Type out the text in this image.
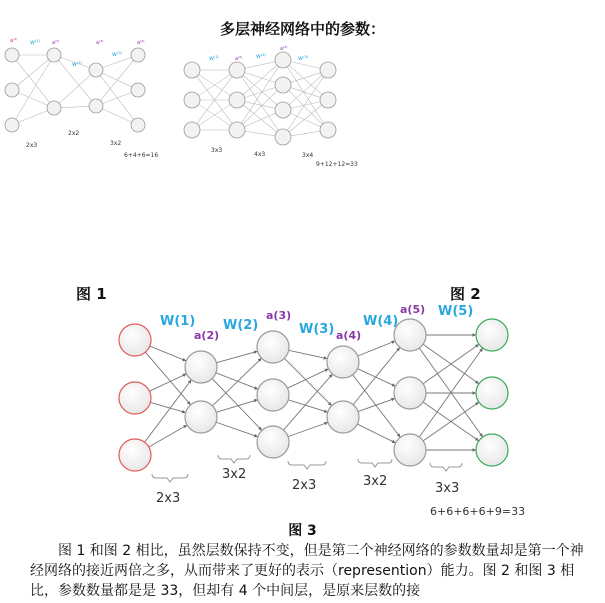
多层神经网络中的参数：
a⁽¹⁾ w⁽¹⁾ a⁽²⁾
w⁽²⁾
a⁽³⁾
w⁽³⁾
a⁽⁴⁾
2x3
2x2
3x2
6+4+6=16
w⁽¹⁾	a⁽²⁾ w⁽²⁾
a⁽³⁾
w⁽³⁾
3x3
4x3	3x4
9+12+12=33
图 1	图 2
W(1)
a(2)
W(2)
a(3)
W(3) a(4)
W(4)
a(5) W(5)
2x3
3x2
2x3	3x2	3x3
6+6+6+6+9=33
图 3
图 1 和图 2 相比，虽然层数保持不变，但是第二个神经网络的参数数量却是第一个神经网络的接近两倍之多，从而带来了更好的表示（represention）能力。图 2 和图 3 相比，参数数量都是是 33，但却有 4 个中间层，是原来层数的接
